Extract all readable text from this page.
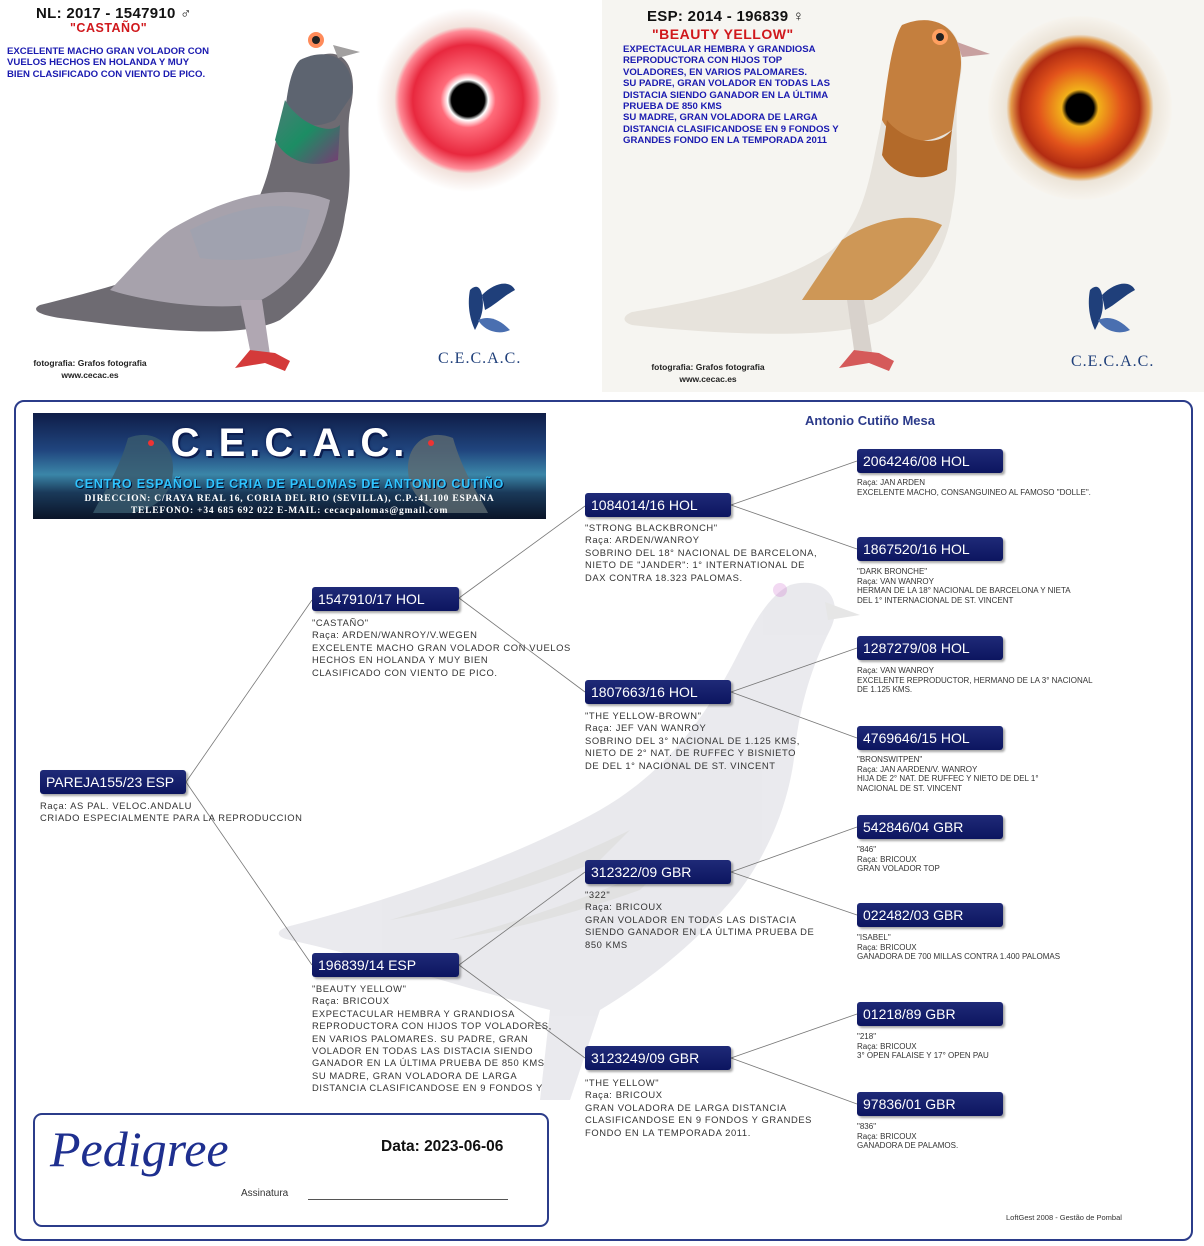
NL: 2017 - 1547910 ♂
"CASTAÑO"
EXCELENTE MACHO GRAN VOLADOR CON
VUELOS HECHOS EN HOLANDA Y MUY
BIEN CLASIFICADO CON VIENTO DE PICO.
fotografia: Grafos fotografia
www.cecac.es
C.E.C.A.C.
ESP: 2014 - 196839 ♀
"BEAUTY YELLOW"
EXPECTACULAR HEMBRA Y GRANDIOSA
REPRODUCTORA CON HIJOS TOP
VOLADORES, EN VARIOS PALOMARES.
SU PADRE, GRAN VOLADOR EN TODAS LAS
DISTACIA SIENDO GANADOR EN LA ÚLTIMA
PRUEBA DE 850 KMS
SU MADRE, GRAN VOLADORA DE LARGA
DISTANCIA CLASIFICANDOSE EN 9 FONDOS Y
GRANDES FONDO EN LA TEMPORADA 2011
fotografia: Grafos fotografia
www.cecac.es
C.E.C.A.C.
Antonio Cutiño Mesa
C.E.C.A.C.
CENTRO ESPAÑOL DE CRIA DE PALOMAS DE ANTONIO CUTIÑO
DIRECCION: C/RAYA REAL 16, CORIA DEL RIO (SEVILLA), C.P.:41.100 ESPANA
TELEFONO: +34 685 692 022 E-MAIL: cecacpalomas@gmail.com
PAREJA155/23 ESP
Raça: AS PAL. VELOC.ANDALU
CRIADO ESPECIALMENTE PARA LA REPRODUCCION
1547910/17 HOL
"CASTAÑO"
Raça: ARDEN/WANROY/V.WEGEN
EXCELENTE MACHO GRAN VOLADOR CON VUELOS
HECHOS EN HOLANDA Y MUY BIEN
CLASIFICADO CON VIENTO DE PICO.
196839/14 ESP
"BEAUTY YELLOW"
Raça: BRICOUX
EXPECTACULAR HEMBRA Y GRANDIOSA
REPRODUCTORA CON HIJOS TOP VOLADORES,
EN VARIOS PALOMARES. SU PADRE, GRAN
VOLADOR EN TODAS LAS DISTACIA SIENDO
GANADOR EN LA ÚLTIMA PRUEBA DE 850 KMS
SU MADRE, GRAN VOLADORA DE LARGA
DISTANCIA CLASIFICANDOSE EN 9 FONDOS Y
1084014/16 HOL
"STRONG BLACKBRONCH"
Raça: ARDEN/WANROY
SOBRINO DEL 18° NACIONAL DE BARCELONA,
NIETO DE "JANDER": 1° INTERNATIONAL DE
DAX CONTRA 18.323 PALOMAS.
1807663/16 HOL
"THE YELLOW-BROWN"
Raça: JEF VAN WANROY
SOBRINO DEL 3° NACIONAL DE 1.125 KMS,
NIETO DE 2° NAT. DE RUFFEC Y BISNIETO
DE DEL 1° NACIONAL DE ST. VINCENT
312322/09 GBR
"322"
Raça: BRICOUX
GRAN VOLADOR EN TODAS LAS DISTACIA
SIENDO GANADOR EN LA ÚLTIMA PRUEBA DE
850 KMS
3123249/09 GBR
"THE YELLOW"
Raça: BRICOUX
GRAN VOLADORA DE LARGA DISTANCIA
CLASIFICANDOSE EN 9 FONDOS Y GRANDES
FONDO EN LA TEMPORADA 2011.
2064246/08 HOL
Raça: JAN ARDEN
EXCELENTE MACHO, CONSANGUINEO AL FAMOSO "DOLLE".
1867520/16 HOL
"DARK BRONCHE"
Raça: VAN WANROY
HERMAN DE LA 18° NACIONAL DE BARCELONA Y NIETA
DEL 1° INTERNACIONAL DE ST. VINCENT
1287279/08 HOL
Raça: VAN WANROY
EXCELENTE REPRODUCTOR, HERMANO DE LA 3° NACIONAL
DE 1.125 KMS.
4769646/15 HOL
"BRONSWITPEN"
Raça: JAN AARDEN/V. WANROY
HIJA DE 2° NAT. DE RUFFEC Y NIETO DE DEL 1°
NACIONAL DE ST. VINCENT
542846/04 GBR
"846"
Raça: BRICOUX
GRAN VOLADOR TOP
022482/03 GBR
"ISABEL"
Raça: BRICOUX
GANADORA DE 700 MILLAS CONTRA 1.400 PALOMAS
01218/89 GBR
"218"
Raça: BRICOUX
3° OPEN FALAISE Y 17° OPEN PAU
97836/01 GBR
"836"
Raça: BRICOUX
GANADORA DE PALAMOS.
Pedigree	Data: 2023-06-06
Assinatura
LoftGest 2008 - Gestão de Pombal
